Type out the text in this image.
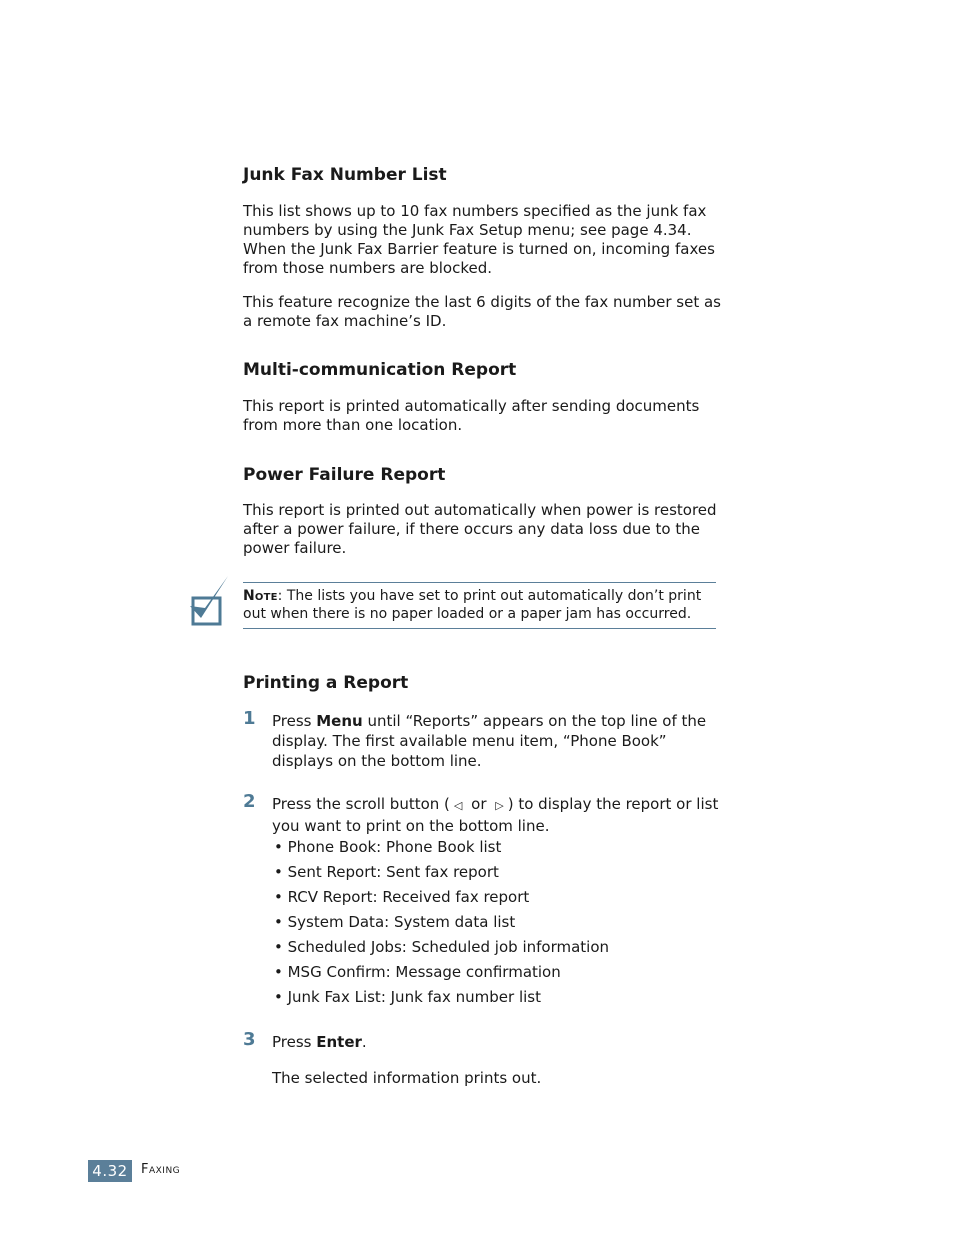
Junk Fax Number List

This list shows up to 10 fax numbers specified as the junk fax numbers by using the Junk Fax Setup menu; see page 4.34. When the Junk Fax Barrier feature is turned on, incoming faxes from those numbers are blocked.

This feature recognize the last 6 digits of the fax number set as a remote fax machine’s ID.

Multi-communication Report

This report is printed automatically after sending documents from more than one location.

Power Failure Report

This report is printed out automatically when power is restored after a power failure, if there occurs any data loss due to the power failure.

Note: The lists you have set to print out automatically don’t print out when there is no paper loaded or a paper jam has occurred.

Printing a Report
1 Press Menu until “Reports” appears on the top line of the display. The first available menu item, “Phone Book” displays on the bottom line.

2 Press the scroll button ( ◁ or ▷ ) to display the report or list you want to print on the bottom line.

• Phone Book: Phone Book list

• Sent Report: Sent fax report

• RCV Report: Received fax report

• System Data: System data list

• Scheduled Jobs: Scheduled job information

• MSG Confirm: Message confirmation

• Junk Fax List: Junk fax number list

3 Press Enter.

The selected information prints out.

4.32	Faxing
